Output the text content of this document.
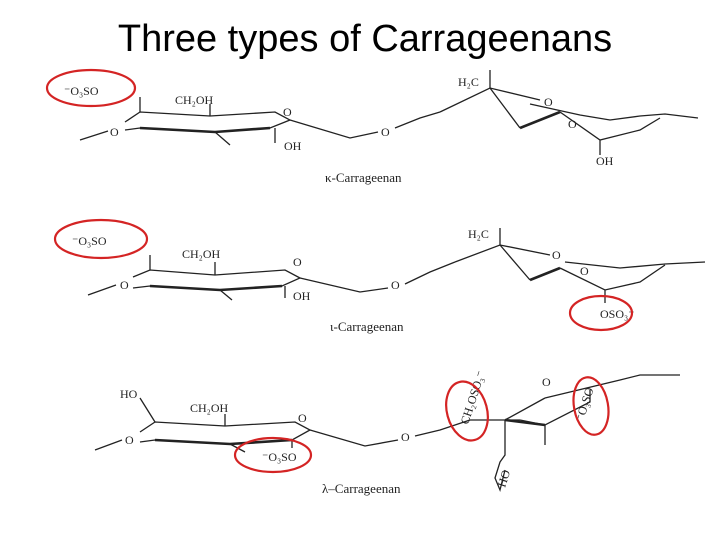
Three types of Carrageenans
⁻O₃SO
CH₂OH
O
O
OH
O
H₂C
O
O
OH
κ-Carrageenan
⁻O₃SO
CH₂OH
O
O
OH
O
H₂C
O
O
OSO₃⁻
ι-Carrageenan
HO
CH₂OH
O
O
⁻O₃SO
O
CH₂OSO₃⁻	O
⁻O₃SO
HO
λ–Carrageenan
